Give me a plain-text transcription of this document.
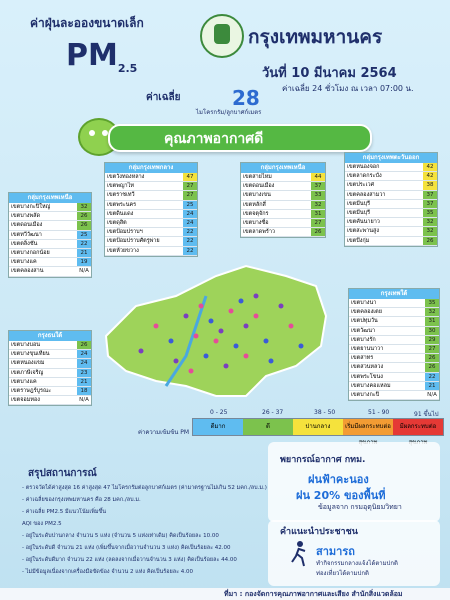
ค่าฝุ่นละอองขนาดเล็ก
$PM_{2.5}$
กรุงเทพมหานคร
วันที่ 10 มีนาคม 2564
ค่าเฉลี่ย 24 ชั่วโมง ณ เวลา 07:00 น.
ค่าเฉลี่ย	28
ไมโครกรัม/ลูกบาศก์เมตร
คุณภาพอากาศดี
กลุ่มกรุงเทพเหนือ
เขตบางกะปิใหญ่	32
เขตบางพลัด	26
เขตดอนเมือง	26
เขตทวีวัฒนา	25
เขตตลิ่งชัน	22
เขตบางกอกน้อย	21
เขตบางแค	19
เขตคลองสาน	N/A
กลุ่มกรุงเทพกลาง
เขตวังทองหลาง	47
เขตพญาไท	27
เขตราชเทวี	27
เขตพระนคร	25
เขตดินแดง	24
เขตดุสิต	24
เขตป้อมปราบฯ	22
เขตป้อมปราบศัตรูพ่าย	22
เขตห้วยขวาง	22
กลุ่มกรุงเทพเหนือ
เขตสายไหม	44
เขตดอนเมือง	37
เขตบางเขน	33
เขตหลักสี่	32
เขตจตุจักร	31
เขตบางซื่อ	27
เขตลาดพร้าว	26
กลุ่มกรุงเทพตะวันออก
เขตหนองจอก	42
เขตลาดกระบัง	42
เขตประเวศ	38
เขตคลองสามวา	37
เขตมีนบุรี	37
เขตมีนบุรี	35
เขตคันนายาว	32
เขตสะพานสูง	32
เขตบึงกุ่ม	26
กรุงธนใต้
เขตบางบอน	26
เขตบางขุนเทียน	24
เขตหนองแขม	24
เขตภาษีเจริญ	23
เขตบางแค	21
เขตราษฎร์บูรณะ	18
เขตจอมทอง	N/A
กรุงเทพใต้
เขตบางนา	35
เขตคลองเตย	32
เขตปทุมวัน	31
เขตวัฒนา	30
เขตบางรัก	29
เขตยานนาวา	27
เขตสาทร	26
เขตสวนหลวง	26
เขตพระโขนง	22
เขตบางคอแหลม	21
เขตบางกะปิ	N/A
0 - 25	26 - 37	38 - 50	51 - 90	91 ขึ้นไป
ค่าความเข้มข้น PM
ดีมาก	ดี	ปานกลาง	เริ่มมีผลกระทบต่อ	มีผลกระทบต่อ
สรุปสถานการณ์
- ตรวจวัดได้ค่าสูงสุด 16 ค่าสูงสุด 47 ไมโครกรัมต่อลูกบาศก์เมตร (ค่ามาตรฐานไม่เกิน 52 มคก./ลบ.ม.)
- ค่าเฉลี่ยของกรุงเทพมหานคร คือ 28 มคก./ลบ.ม.
- ค่าเฉลี่ย PM2.5 มีแนวโน้มเพิ่มขึ้น
AQI ของ PM2.5
- อยู่ในระดับปานกลาง จำนวน 5 แห่ง (จำนวน 5 แห่งเท่าเดิม) คิดเป็นร้อยละ 10.00
- อยู่ในระดับดี จำนวน 21 แห่ง (เพิ่มขึ้นจากเมื่อวานจำนวน 3 แห่ง) คิดเป็นร้อยละ 42.00
- อยู่ในระดับดีมาก จำนวน 22 แห่ง (ลดลงจากเมื่อวานจำนวน 3 แห่ง) คิดเป็นร้อยละ 44.00
- ไม่มีข้อมูลเนื่องจากเครื่องมือขัดข้อง จำนวน 2 แห่ง คิดเป็นร้อยละ 4.00
พยากรณ์อากาศ กทม.
ฝนฟ้าคะนอง
ฝน 20% ของพื้นที่
ข้อมูลจาก กรมอุตุนิยมวิทยา
คำแนะนำประชาชน
สามารถ
ทำกิจกรรมกลางแจ้งได้ตามปกติ
ท่องเที่ยวได้ตามปกติ
ที่มา : กองจัดการคุณภาพอากาศและเสียง สำนักสิ่งแวดล้อม
